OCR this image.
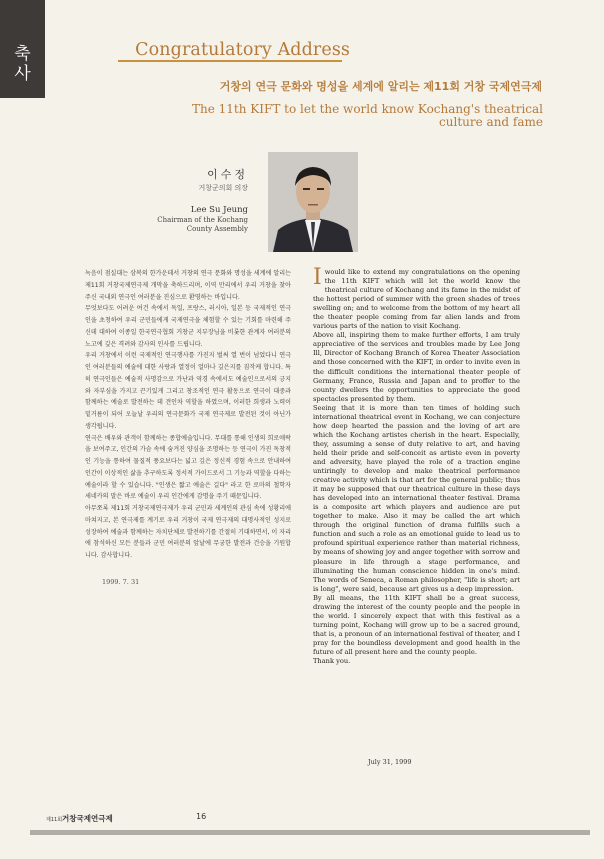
축
사
Congratulatory Address
거창의 연극 문화와 명성을 세계에 알리는 제11회 거창 국제연극제
The 11th KIFT to let the world know Kochang's theatrical
culture and fame
이수정
거창군의회 의장
Lee Su Jeung
Chairman of the Kochang
County Assembly

녹음이 점실대는 삼복의 한가운데서 거창의 연극 문화와 명성을 세계에 알리는 제11회 거창국제연극제 개막을 축하드리며, 이역 만리에서 우리 거창을 찾아주신 국내외 연극인 여러분을 진심으로 환영하는 바입니다.

무엇보다도 어려운 여건 속에서 독일, 프랑스, 러시아, 일본 등 국제적인 연극인을 초청하여 우리 군민들에게 국제연극을 체험할 수 있는 기회를 마련해 주신데 대하여 이종일 한국연극협회 거창군 지부장님을 비롯한 관계자 여러분의 노고에 깊은 격려와 감사의 인사를 드립니다.

우리 거창에서 이런 국제적인 연극행사를 가진지 벌써 열 번이 넘었다니 연극인 여러분들의 예술에 대한 사랑과 열정이 얼마나 깊은지를 짐작케 합니다. 특히 연극인들은 예술적 사명감으로 가난과 역경 속에서도 예술인으로서의 긍지와 자부심을 가지고 끈기있게 그리고 창조적인 연극 활동으로 연극이 대중과 함께하는 예술로 발전하는 데 견인차 역할을 하였으며, 이러한 희생과 노력이 밑거름이 되어 오늘날 우리의 연극문화가 국제 연극제로 발전된 것이 아닌가 생각됩니다.

연극은 배우와 관객이 함께하는 종합예술입니다. 무대를 통해 인생의 희로애락을 보여주고, 인간의 가슴 속에 숨겨진 양심을 조명하는 등 연극이 가진 독창적인 기능을 통하여 물질적 풍요보다는 넓고 깊은 정신적 경험 속으로 안내하여 인간이 이상적인 삶을 추구하도록 정서적 가이드로서 그 기능과 역할을 다하는 예술이라 할 수 있습니다. "인생은 짧고 예술은 길다" 라고 한 로마의 철학자 세네카의 말은 바로 예술이 우리 인간에게 감명을 주기 때문입니다.

아무쪼록 제11회 거창국제연극제가 우리 군민과 세계인의 관심 속에 성황리에 마쳐지고, 본 연극제를 계기로 우리 거창이 국제 연극제의 대명사적인 성지로 성장하여 예술과 함께하는 자치단체로 발전하기를 간절히 기대하면서, 이 자리에 참석하신 모든 분들과 군민 여러분의 앞날에 무궁한 발전과 건승을 기원합니다. 감사합니다.

1999. 7. 31

Iwould like to extend my congratulations on the opening the 11th KIFT which will let the world know the theatrical culture of Kochang and its fame in the midst of the hottest period of summer with the green shades of trees swelling on; and to welcome from the bottom of my heart all the theater people coming from far alien lands and from various parts of the nation to visit Kochang.

Above all, inspiring them to make further efforts, I am truly appreciative of the services and troubles made by Lee Jong Ill, Director of Kochang Branch of Korea Theater Association and those concerned with the KIFT, in order to invite even in the difficult conditions the international theater people of Germany, France, Russia and Japan and to proffer to the county dwellers the opportunities to appreciate the good spectacles presented by them.

Seeing that it is more than ten times of holding such international theatrical event in Kochang, we can conjecture how deep hearted the passion and the loving of art are which the Kochang artistes cherish in the heart. Especially, they, assuming a sense of duty relative to art, and having held their pride and self-conceit as artiste even in poverty and adversity, have played the role of a traction engine untiringly to develop and make theatrical performance creative activity which is that art for the general public; thus it may be supposed that our theatrical culture in these days has developed into an international theater festival. Drama is a composite art which players and audience are put together to make. Also it may be called the art which through the original function of drama fulfills such a function and such a role as an emotional guide to lead us to profound spiritual experience rather than material richness, by means of showing joy and anger together with sorrow and pleasure in life through a stage performance, and illuminating the human conscience hidden in one's mind. The words of Seneca, a Roman philosopher, "life is short; art is long", were said, because art gives us a deep impression.

By all means, the 11th KIFT shall be a great success, drawing the interest of the county people and the people in the world. I sincerely expect that with this festival as a turning point, Kochang will grow up to be a sacred ground, that is, a pronoun of an international festival of theater, and I pray for the boundless development and good health in the future of all present here and the county people.

Thank you.

July 31, 1999
제11회거창국제연극제	16
